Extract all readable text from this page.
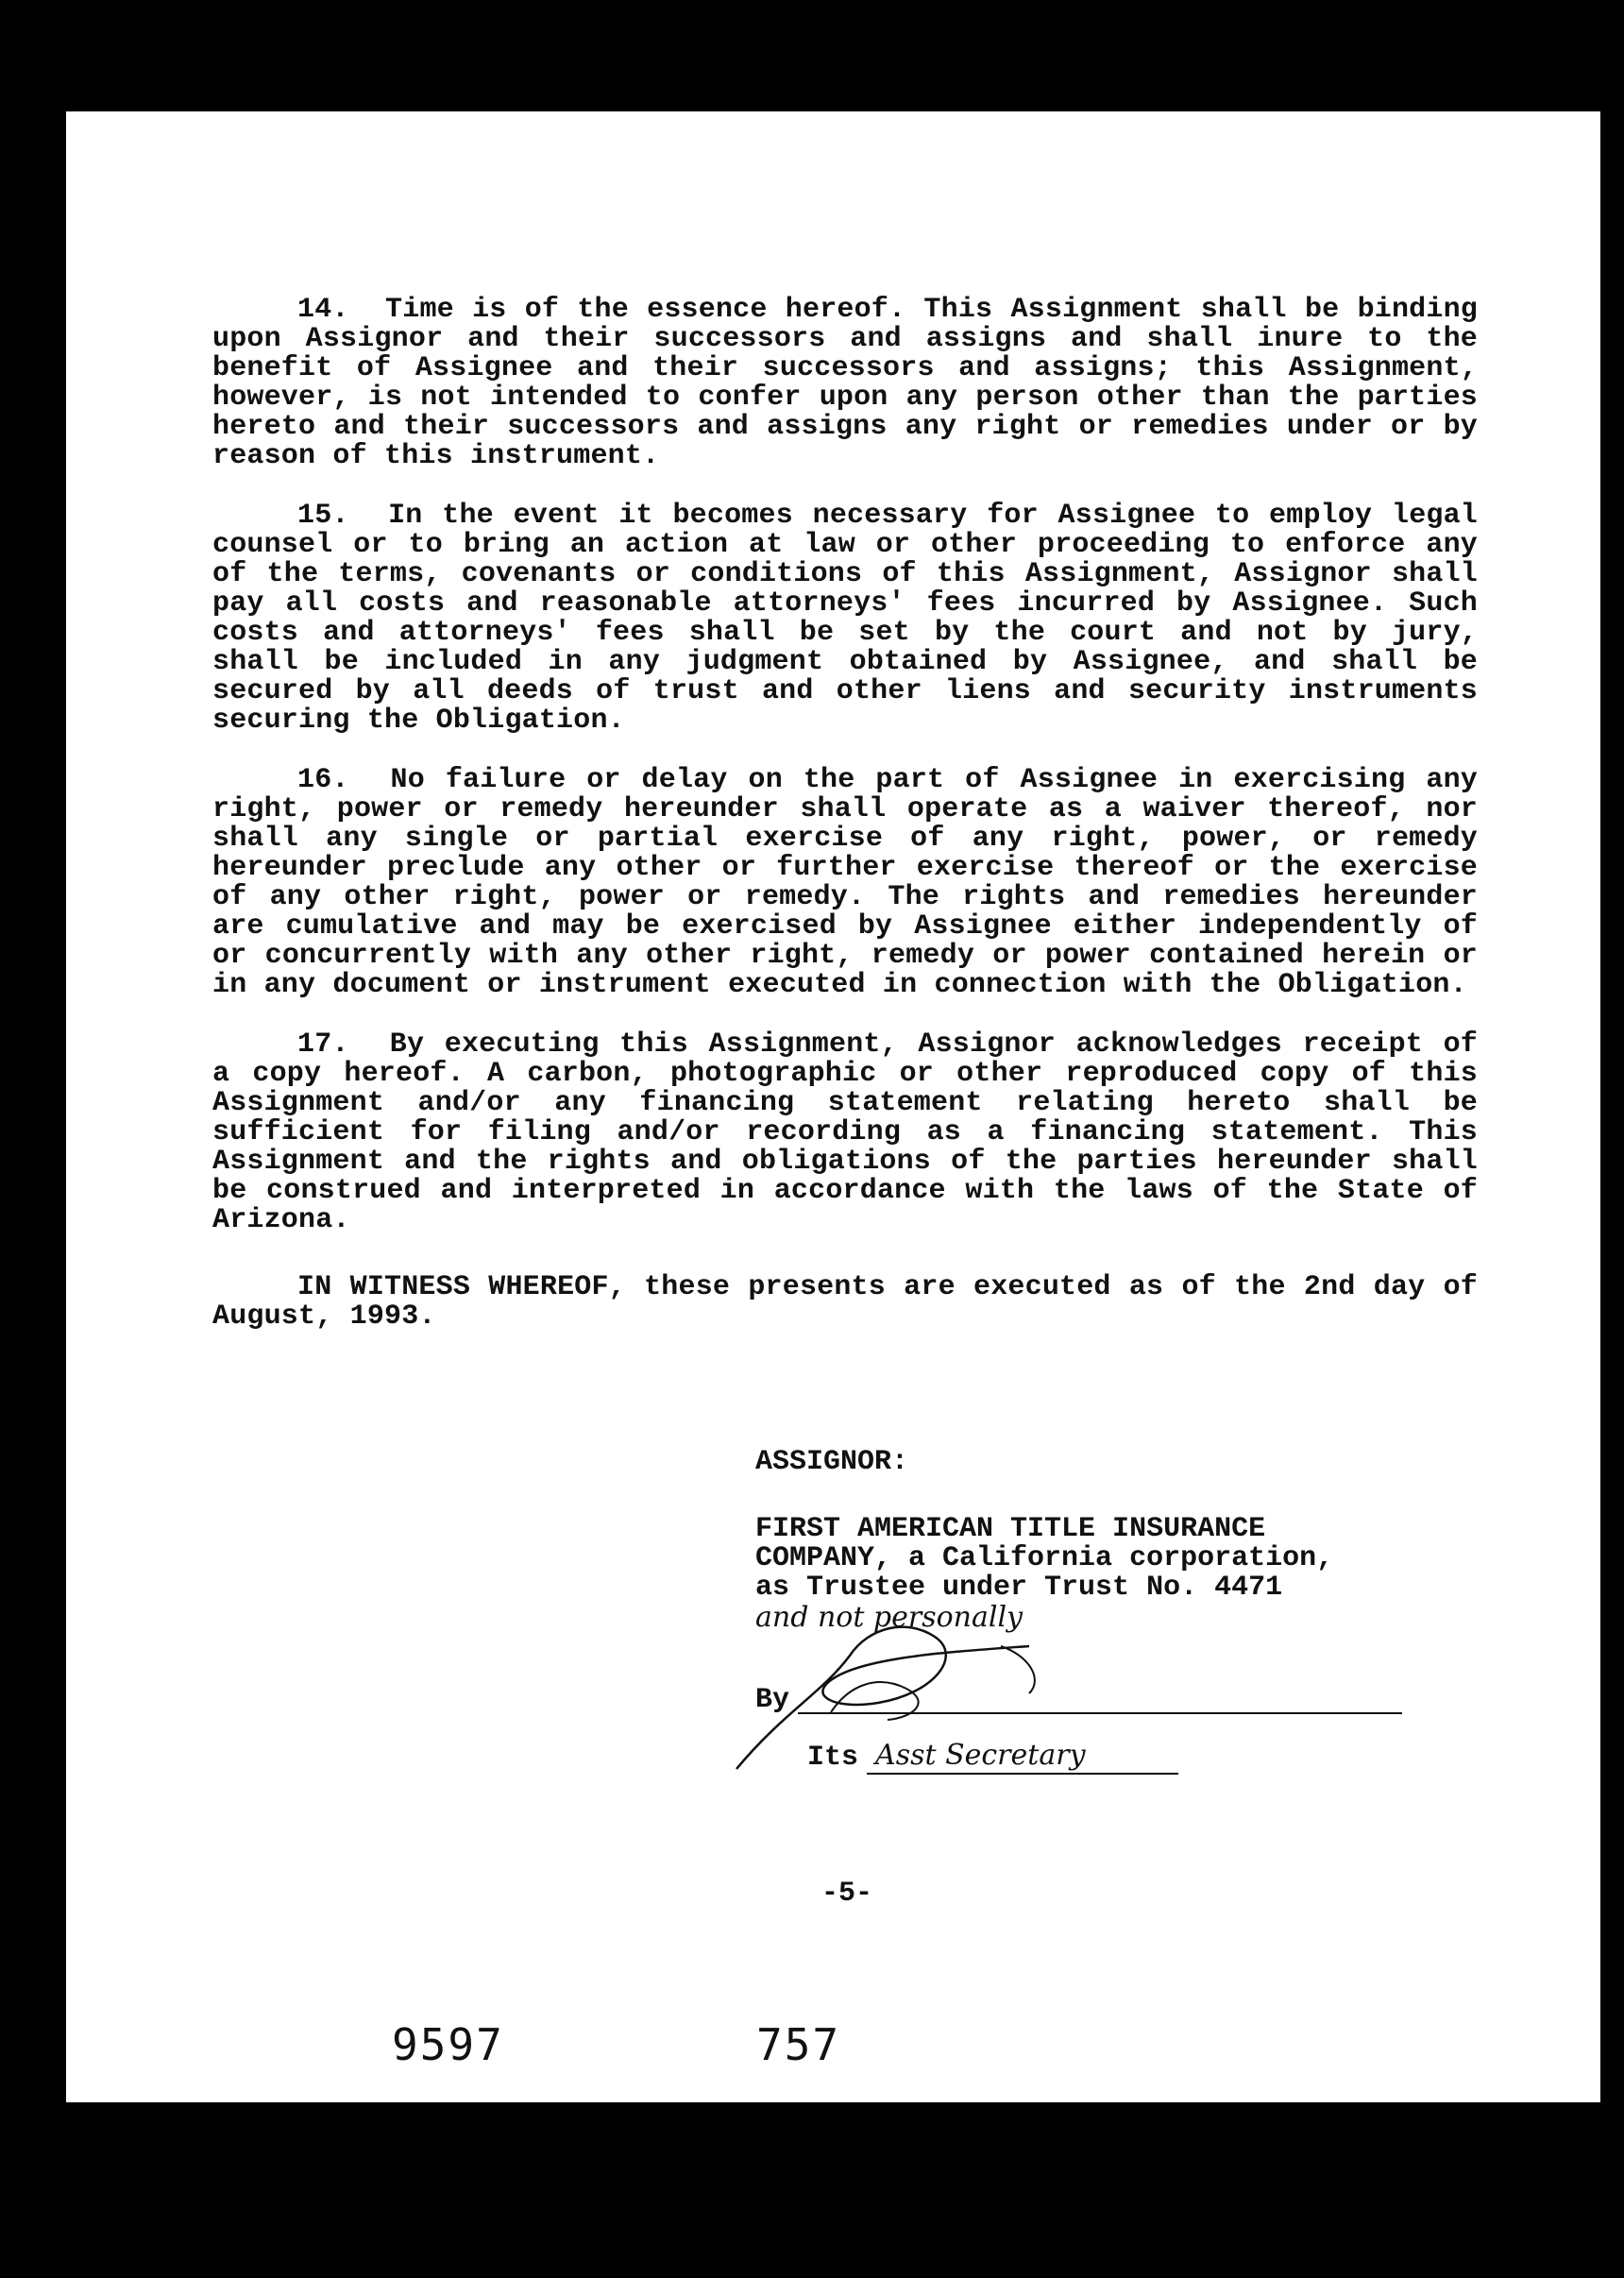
14. Time is of the essence hereof. This Assignment shall be binding upon Assignor and their successors and assigns and shall inure to the benefit of Assignee and their successors and assigns; this Assignment, however, is not intended to confer upon any person other than the parties hereto and their successors and assigns any right or remedies under or by reason of this instrument.

15. In the event it becomes necessary for Assignee to employ legal counsel or to bring an action at law or other proceeding to enforce any of the terms, covenants or conditions of this Assignment, Assignor shall pay all costs and reasonable attorneys' fees incurred by Assignee. Such costs and attorneys' fees shall be set by the court and not by jury, shall be included in any judgment obtained by Assignee, and shall be secured by all deeds of trust and other liens and security instruments securing the Obligation.

16. No failure or delay on the part of Assignee in exercising any right, power or remedy hereunder shall operate as a waiver thereof, nor shall any single or partial exercise of any right, power, or remedy hereunder preclude any other or further exercise thereof or the exercise of any other right, power or remedy. The rights and remedies hereunder are cumulative and may be exercised by Assignee either independently of or concurrently with any other right, remedy or power contained herein or in any document or instrument executed in connection with the Obligation.

17. By executing this Assignment, Assignor acknowledges receipt of a copy hereof. A carbon, photographic or other reproduced copy of this Assignment and/or any financing statement relating hereto shall be sufficient for filing and/or recording as a financing statement. This Assignment and the rights and obligations of the parties hereunder shall be construed and interpreted in accordance with the laws of the State of Arizona.

IN WITNESS WHEREOF, these presents are executed as of the 2nd day of August, 1993.

ASSIGNOR:
FIRST AMERICAN TITLE INSURANCE
COMPANY, a California corporation,
as Trustee under Trust No. 4471
and not personally
By
Its Asst Secretary
-5-
9597	757
